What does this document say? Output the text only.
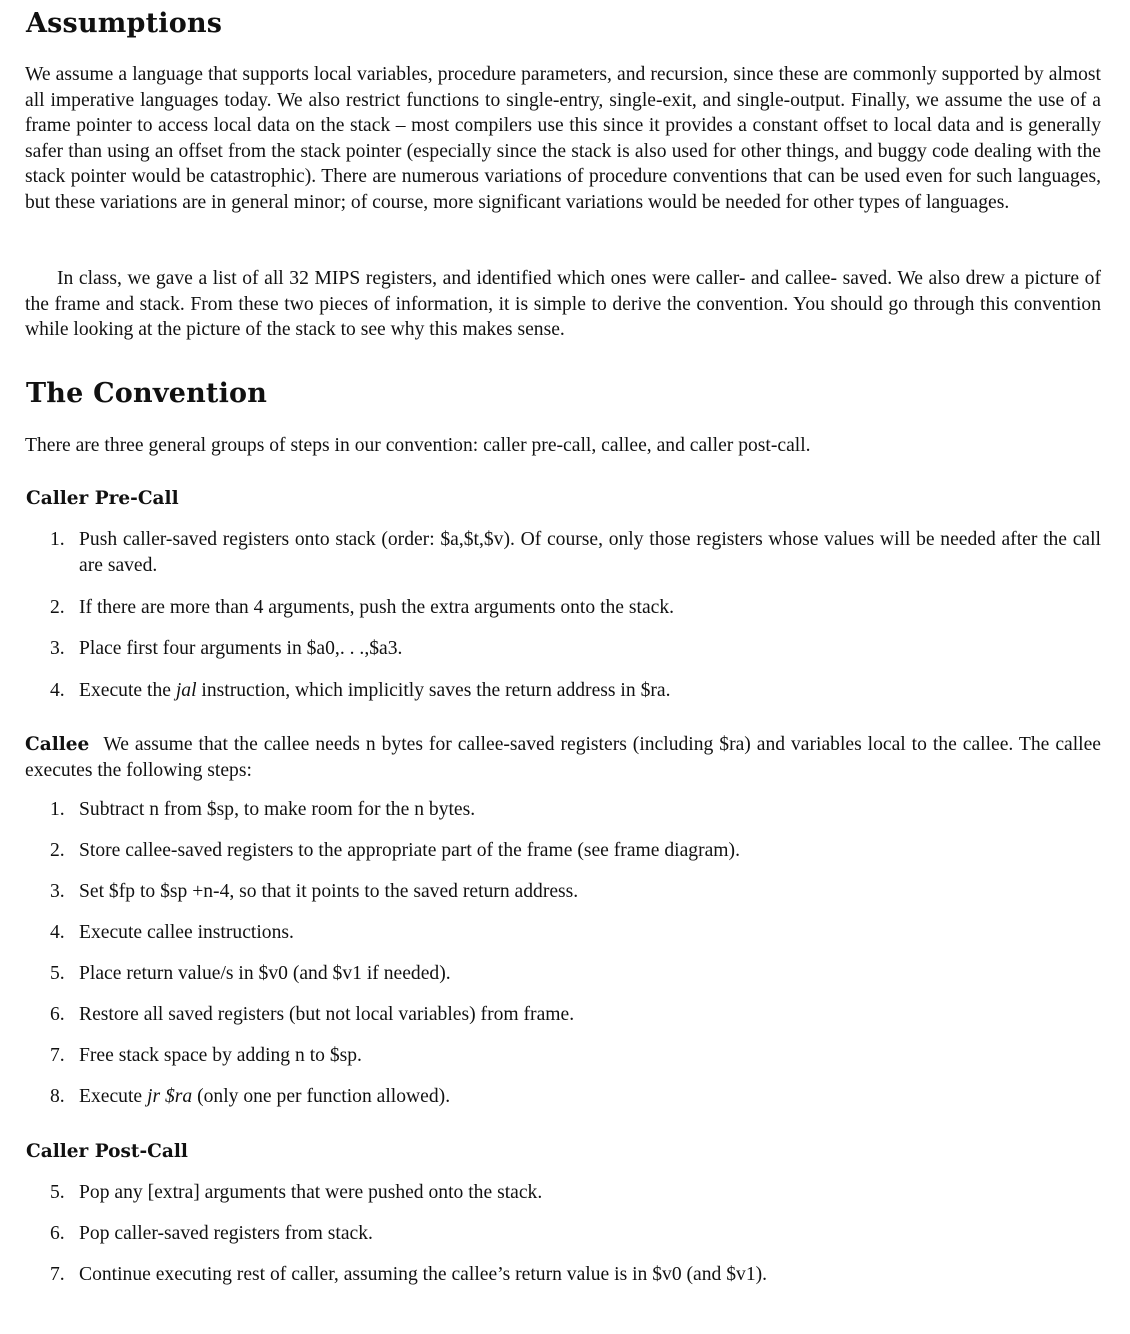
Assumptions

We assume a language that supports local variables, procedure parameters, and recursion, since these are commonly supported by almost all imperative languages today. We also restrict functions to single-entry, single-exit, and single-output. Finally, we assume the use of a frame pointer to access local data on the stack – most compilers use this since it provides a constant offset to local data and is generally safer than using an offset from the stack pointer (especially since the stack is also used for other things, and buggy code dealing with the stack pointer would be catastrophic). There are numerous variations of procedure conventions that can be used even for such languages, but these variations are in general minor; of course, more significant variations would be needed for other types of languages.

In class, we gave a list of all 32 MIPS registers, and identified which ones were caller- and callee- saved. We also drew a picture of the frame and stack. From these two pieces of information, it is simple to derive the convention. You should go through this convention while looking at the picture of the stack to see why this makes sense.

The Convention

There are three general groups of steps in our convention: caller pre-call, callee, and caller post-call.

Caller Pre-Call
1. Push caller-saved registers onto stack (order: $a,$t,$v). Of course, only those registers whose values will be needed after the call are saved.
2. If there are more than 4 arguments, push the extra arguments onto the stack.
3. Place first four arguments in $a0,. . .,$a3.
4. Execute the jal instruction, which implicitly saves the return address in $ra.

Callee We assume that the callee needs n bytes for callee-saved registers (including $ra) and variables local to the callee. The callee executes the following steps:

1. Subtract n from $sp, to make room for the n bytes.
2. Store callee-saved registers to the appropriate part of the frame (see frame diagram).
3. Set $fp to $sp +n-4, so that it points to the saved return address.
4. Execute callee instructions.
5. Place return value/s in $v0 (and $v1 if needed).
6. Restore all saved registers (but not local variables) from frame.
7. Free stack space by adding n to $sp.
8. Execute jr $ra (only one per function allowed).
Caller Post-Call
5. Pop any [extra] arguments that were pushed onto the stack.
6. Pop caller-saved registers from stack.
7. Continue executing rest of caller, assuming the callee’s return value is in $v0 (and $v1).
